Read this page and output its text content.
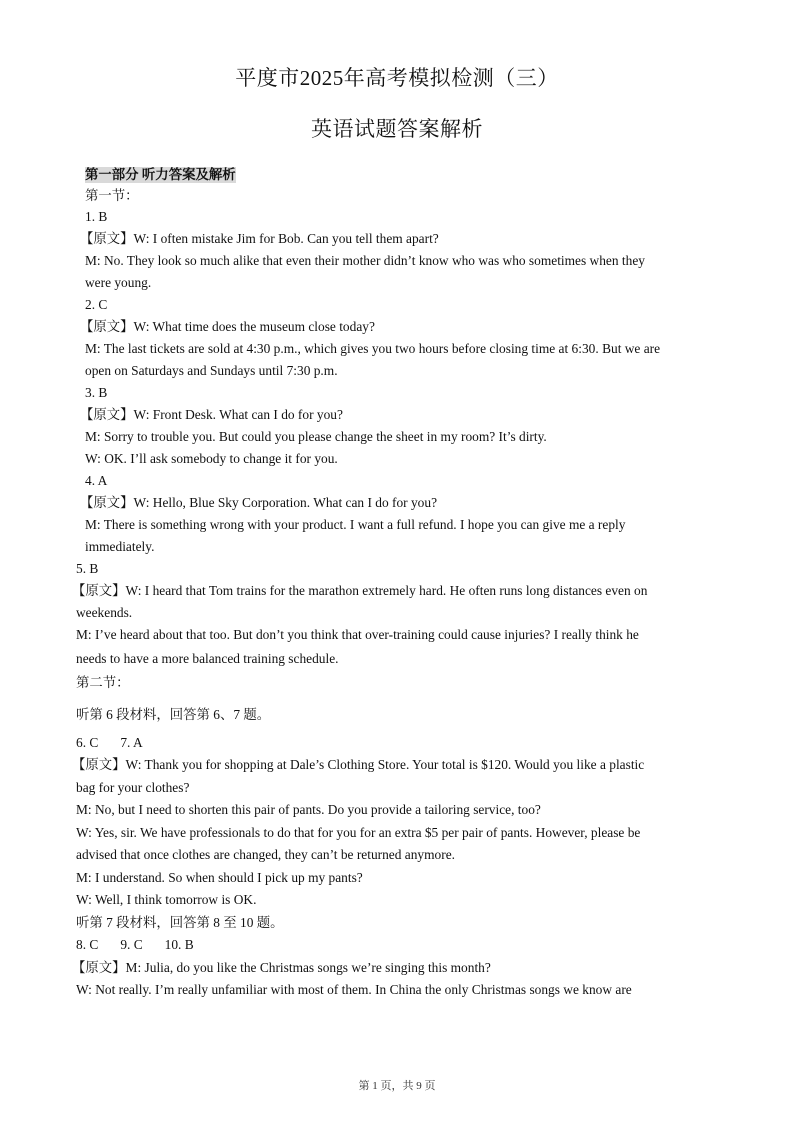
平度市2025年高考模拟检测（三）
英语试题答案解析
第一部分 听力答案及解析
第一节：
1. B
【原文】W: I often mistake Jim for Bob. Can you tell them apart?
M: No. They look so much alike that even their mother didn’t know who was who sometimes when they
were young.
2. C
【原文】W: What time does the museum close today?
M: The last tickets are sold at 4:30 p.m., which gives you two hours before closing time at 6:30. But we are
open on Saturdays and Sundays until 7:30 p.m.
3. B
【原文】W: Front Desk. What can I do for you?
M: Sorry to trouble you. But could you please change the sheet in my room? It’s dirty.
W: OK. I’ll ask somebody to change it for you.
4. A
【原文】W: Hello, Blue Sky Corporation. What can I do for you?
M: There is something wrong with your product. I want a full refund. I hope you can give me a reply
immediately.
5. B
【原文】W: I heard that Tom trains for the marathon extremely hard. He often runs long distances even on
weekends.
M: I’ve heard about that too. But don’t you think that over-training could cause injuries? I really think he
needs to have a more balanced training schedule.
第二节：
听第 6 段材料，回答第 6、7 题。
6. C 7. A
【原文】W: Thank you for shopping at Dale’s Clothing Store. Your total is $120. Would you like a plastic
bag for your clothes?
M: No, but I need to shorten this pair of pants. Do you provide a tailoring service, too?
W: Yes, sir. We have professionals to do that for you for an extra $5 per pair of pants. However, please be
advised that once clothes are changed, they can’t be returned anymore.
M: I understand. So when should I pick up my pants?
W: Well, I think tomorrow is OK.
听第 7 段材料，回答第 8 至 10 题。
8. C 9. C 10. B
【原文】M: Julia, do you like the Christmas songs we’re singing this month?
W: Not really. I’m really unfamiliar with most of them. In China the only Christmas songs we know are
第 1 页，共 9 页
